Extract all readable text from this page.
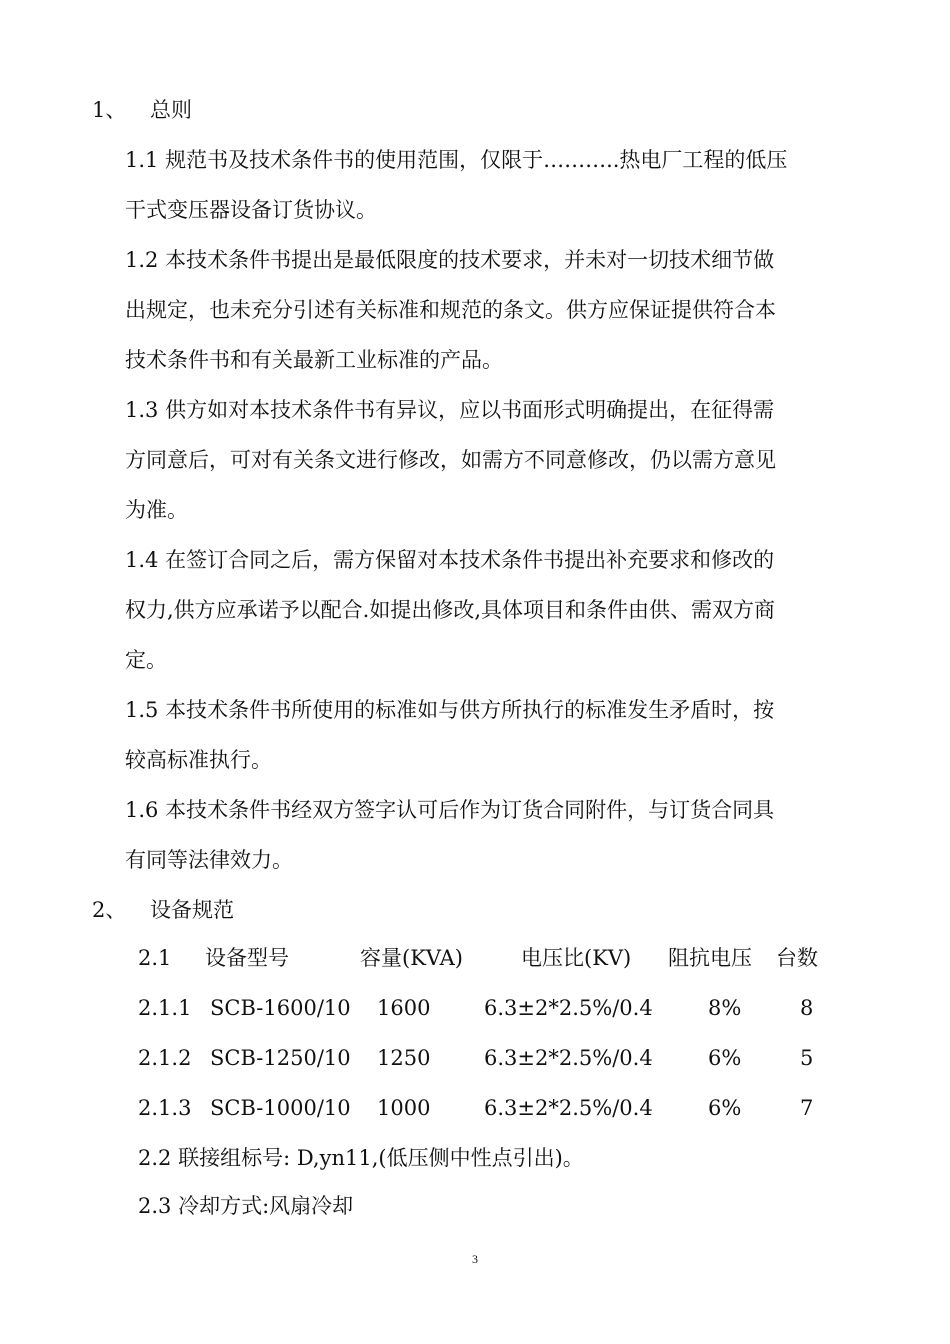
1、 总则
1.1 规范书及技术条件书的使用范围，仅限于………..热电厂工程的低压
干式变压器设备订货协议。
1.2 本技术条件书提出是最低限度的技术要求，并未对一切技术细节做
出规定，也未充分引述有关标准和规范的条文。供方应保证提供符合本
技术条件书和有关最新工业标准的产品。
1.3 供方如对本技术条件书有异议，应以书面形式明确提出，在征得需
方同意后，可对有关条文进行修改，如需方不同意修改，仍以需方意见
为准。
1.4 在签订合同之后，需方保留对本技术条件书提出补充要求和修改的
权力,供方应承诺予以配合.如提出修改,具体项目和条件由供、需双方商
定。
1.5 本技术条件书所使用的标准如与供方所执行的标准发生矛盾时，按
较高标准执行。
1.6 本技术条件书经双方签字认可后作为订货合同附件，与订货合同具
有同等法律效力。
2、 设备规范
2.1 设备型号	容量(KVA)	电压比(KV) 阻抗电压 台数
2.1.1 SCB-1600/10 1600	6.3±2*2.5%/0.4	8%	8
2.1.2 SCB-1250/10 1250	6.3±2*2.5%/0.4	6%	5
2.1.3 SCB-1000/10 1000	6.3±2*2.5%/0.4	6%	7
2.2 联接组标号: D,yn11,(低压侧中性点引出)。
2.3 冷却方式:风扇冷却
3
